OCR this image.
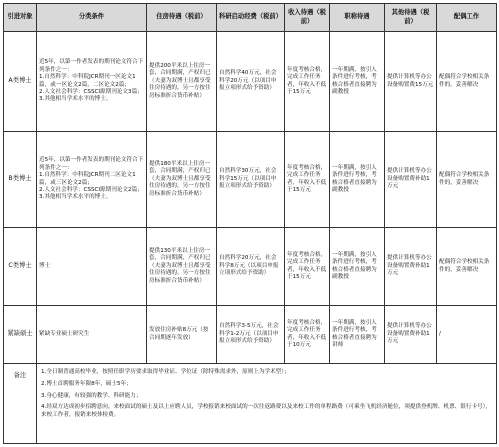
引进对象	分类条件	住房待遇（税前）	科研启动经费（税前）	收入待遇（税前）	职称待遇	其他待遇（税前）	配偶工作
A类博士	近5年，以第一作者发表的期刊论文符合下列条件之一：
1.自然科学：中科院JCR期刊一区论文1篇，或一区论文2篇，二区论文2篇；
2.人文社会科学：CSSCI源期刊论文3篇；
3.其他相当学术水平的博士。	提供200平米以上住房一套，合同期满，产权归已（夫妻为双博士且都享受住房待遇的，另一方按住房标准折合货币补贴）	自然科学40万元，社会科学20万元（以项目申报立项形式给予资助）	年度考核合格，完成工作任务者，年收入不低于15万元	一年期满，按引人条件进行考核，考核合格者直接聘为副教授	提供计算机等办公设备购置费15万元	配偶符合学校相关条件的，妥善解决
B类博士	近5年，以第一作者发表的期刊论文符合下列条件之一：
1.自然科学：中科院JCR期刊二区论文1篇，或三区论文2篇；
2.人文社会科学：CSSCI源期刊论文2篇；
3.其他相当学术水平的博士。	提供180平米以上住房一套，合同期满，产权归已（夫妻为双博士且都享受住房待遇的，另一方按住房标准折合货币补贴）	自然科学30万元，社会科学15万元（以项目申报立项形式给予资助）	年度考核合格，完成工作任务者，年收入不低于15万元	一年期满，按引人条件进行考核，考核合格者直接聘为副教授	提供计算机等办公设备购置费补助1万元	配偶符合学校相关条件的，妥善解决
C类博士	博士	提供130平米以上住房一套，合同期满，产权归已（夫妻为双博士且都享受住房待遇的，另一方按住房标准折合货币补贴）	自然科学20万元，社会科学8万元（以项目申报立项形式给予资助）	年度考核合格，完成工作任务者，年收入不低于15万元	一年期满，按引人条件进行考核，考核合格者直接聘为副教授	提供计算机等办公设备购置费补助1万元	配偶符合学校相关条件的，妥善解决
紧缺硕士	紧缺专业硕士研究生	发放住房补贴8万元（按合同期逐年发放）	自然科学3-5万元，社会科学1-2万元（以项目申报立项形式给予资助）	年度考核合格，完成工作任务者，年收入不低于10万元	一年期满，按引人条件进行考核，考核合格者直接聘为讲师	提供计算机等办公设备购置费补助1万元	/
备注	1.全日制普通高校毕业，按照任职学历要求取得毕业证、学位证（除特殊需求外，原则上为学术型）；
2.博士首聘服务年限8年，硕士5年；
3.身心健康，有较强的教学、科研能力；
4.经双方达成初步招聘意向，来校面试的硕士及以上应聘人员，学校报销来校面试的一次往返路费以及来校工作的单程路费（可乘坐飞机经济舱位，须提供登机牌、机票、银行卡号），来校工作者，报销来校体检费。						
